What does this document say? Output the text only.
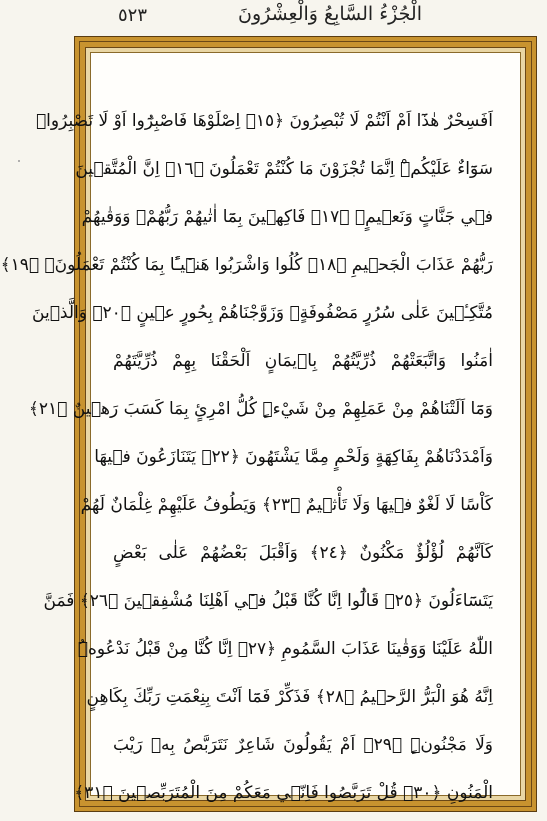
٥٢٣	الْجُزْءُ السَّابِعُ وَالْعِشْرُونَ
اَفَسِحْرٌ هٰذَٓا اَمْ اَنْتُمْ لَا تُبْصِرُونَ ﴿١٥﴾ اِصْلَوْهَا فَاصْبِرُٓوا اَوْ لَا تَصْبِرُواۚ
سَوَٓاءٌ عَلَيْكُمْۜ اِنَّمَا تُجْزَوْنَ مَا كُنْتُمْ تَعْمَلُونَ ﴿١٦﴾ اِنَّ الْمُتَّق۪ينَ
ف۪ي جَنَّاتٍ وَنَع۪يمٍۙ ﴿١٧﴾ فَاكِه۪ينَ بِمَٓا اٰتٰيهُمْ رَبُّهُمْۚ وَوَقٰيهُمْ
رَبُّهُمْ عَذَابَ الْجَح۪يمِ ﴿١٨﴾ كُلُوا وَاشْرَبُوا هَن۪ٓيـًٔا بِمَا كُنْتُمْ تَعْمَلُونَۙ ﴿١٩﴾
مُتَّكِـ۪ٔينَ عَلٰى سُرُرٍ مَصْفُوفَةٍۚ وَزَوَّجْنَاهُمْ بِحُورٍ ع۪ينٍ ﴿٢٠﴾ وَالَّذ۪ينَ
اٰمَنُوا وَاتَّبَعَتْهُمْ ذُرِّيَّتُهُمْ بِا۪يمَانٍ اَلْحَقْنَا بِهِمْ ذُرِّيَّتَهُمْ
وَمَٓا اَلَتْنَاهُمْ مِنْ عَمَلِهِمْ مِنْ شَيْءٍۜ كُلُّ امْرِئٍ بِمَا كَسَبَ رَه۪ينٌ ﴿٢١﴾
وَاَمْدَدْنَاهُمْ بِفَاكِهَةٍ وَلَحْمٍ مِمَّا يَشْتَهُونَ ﴿٢٢﴾ يَتَنَازَعُونَ ف۪يهَا
كَاْسًا لَا لَغْوٌ ف۪يهَا وَلَا تَأْث۪يمٌ ﴿٢٣﴾ وَيَطُوفُ عَلَيْهِمْ غِلْمَانٌ لَهُمْ
كَاَنَّهُمْ لُؤْلُؤٌ مَكْنُونٌ ﴿٢٤﴾ وَاَقْبَلَ بَعْضُهُمْ عَلٰى بَعْضٍ
يَتَسَٓاءَلُونَ ﴿٢٥﴾ قَالُٓوا اِنَّا كُنَّا قَبْلُ ف۪ٓي اَهْلِنَا مُشْفِق۪ينَ ﴿٢٦﴾ فَمَنَّ
اللّٰهُ عَلَيْنَا وَوَقٰينَا عَذَابَ السَّمُومِ ﴿٢٧﴾ اِنَّا كُنَّا مِنْ قَبْلُ نَدْعُوهُۜ
اِنَّهُ هُوَ الْبَرُّ الرَّح۪يمُ ﴿٢٨﴾ فَذَكِّرْ فَمَٓا اَنْتَ بِنِعْمَتِ رَبِّكَ بِكَاهِنٍ
وَلَا مَجْنُونٍۜ ﴿٢٩﴾ اَمْ يَقُولُونَ شَاعِرٌ نَتَرَبَّصُ بِه۪ رَيْبَ
الْمَنُونِ ﴿٣٠﴾ قُلْ تَرَبَّصُوا فَاِنّ۪ي مَعَكُمْ مِنَ الْمُتَرَبِّص۪ينَ ﴿٣١﴾
